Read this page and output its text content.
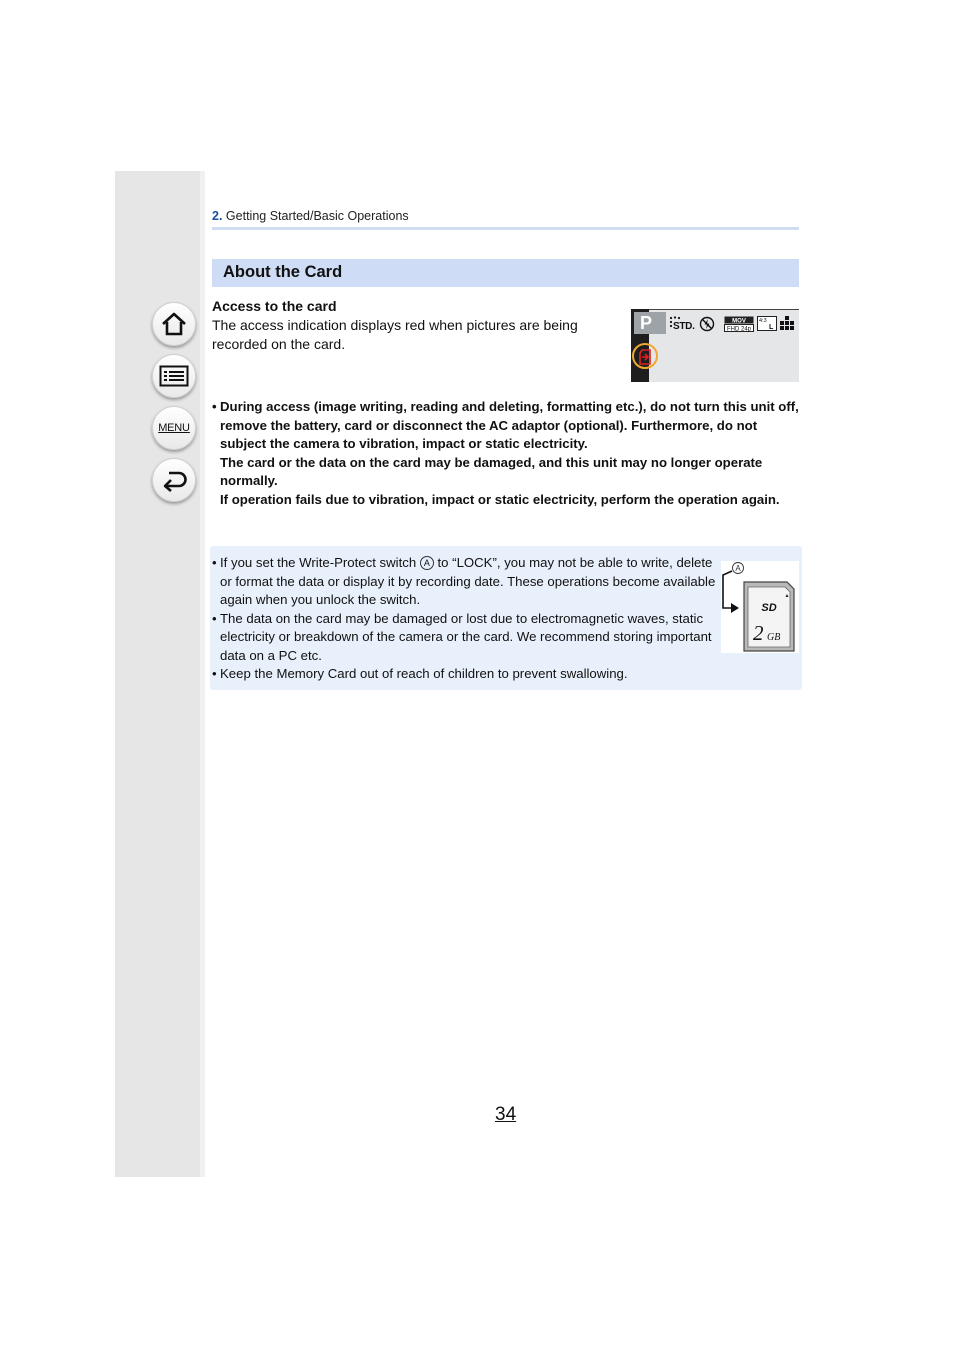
MENU
2. Getting Started/Basic Operations
About the Card
Access to the card
The access indication displays red when pictures are being recorded on the card.
P	STD.	MOV
FHD 24p
4:3
L
• During access (image writing, reading and deleting, formatting etc.), do not turn this unit off, remove the battery, card or disconnect the AC adaptor (optional). Furthermore, do not subject the camera to vibration, impact or static electricity.
The card or the data on the card may be damaged, and this unit may no longer operate normally.
If operation fails due to vibration, impact or static electricity, perform the operation again.
• If you set the Write-Protect switch A to “LOCK”, you may not be able to write, delete or format the data or display it by recording date. These operations become available again when you unlock the switch.
• The data on the card may be damaged or lost due to electromagnetic waves, static electricity or breakdown of the camera or the card. We recommend storing important data on a PC etc.
• Keep the Memory Card out of reach of children to prevent swallowing.
A
SD
2 GB
34
